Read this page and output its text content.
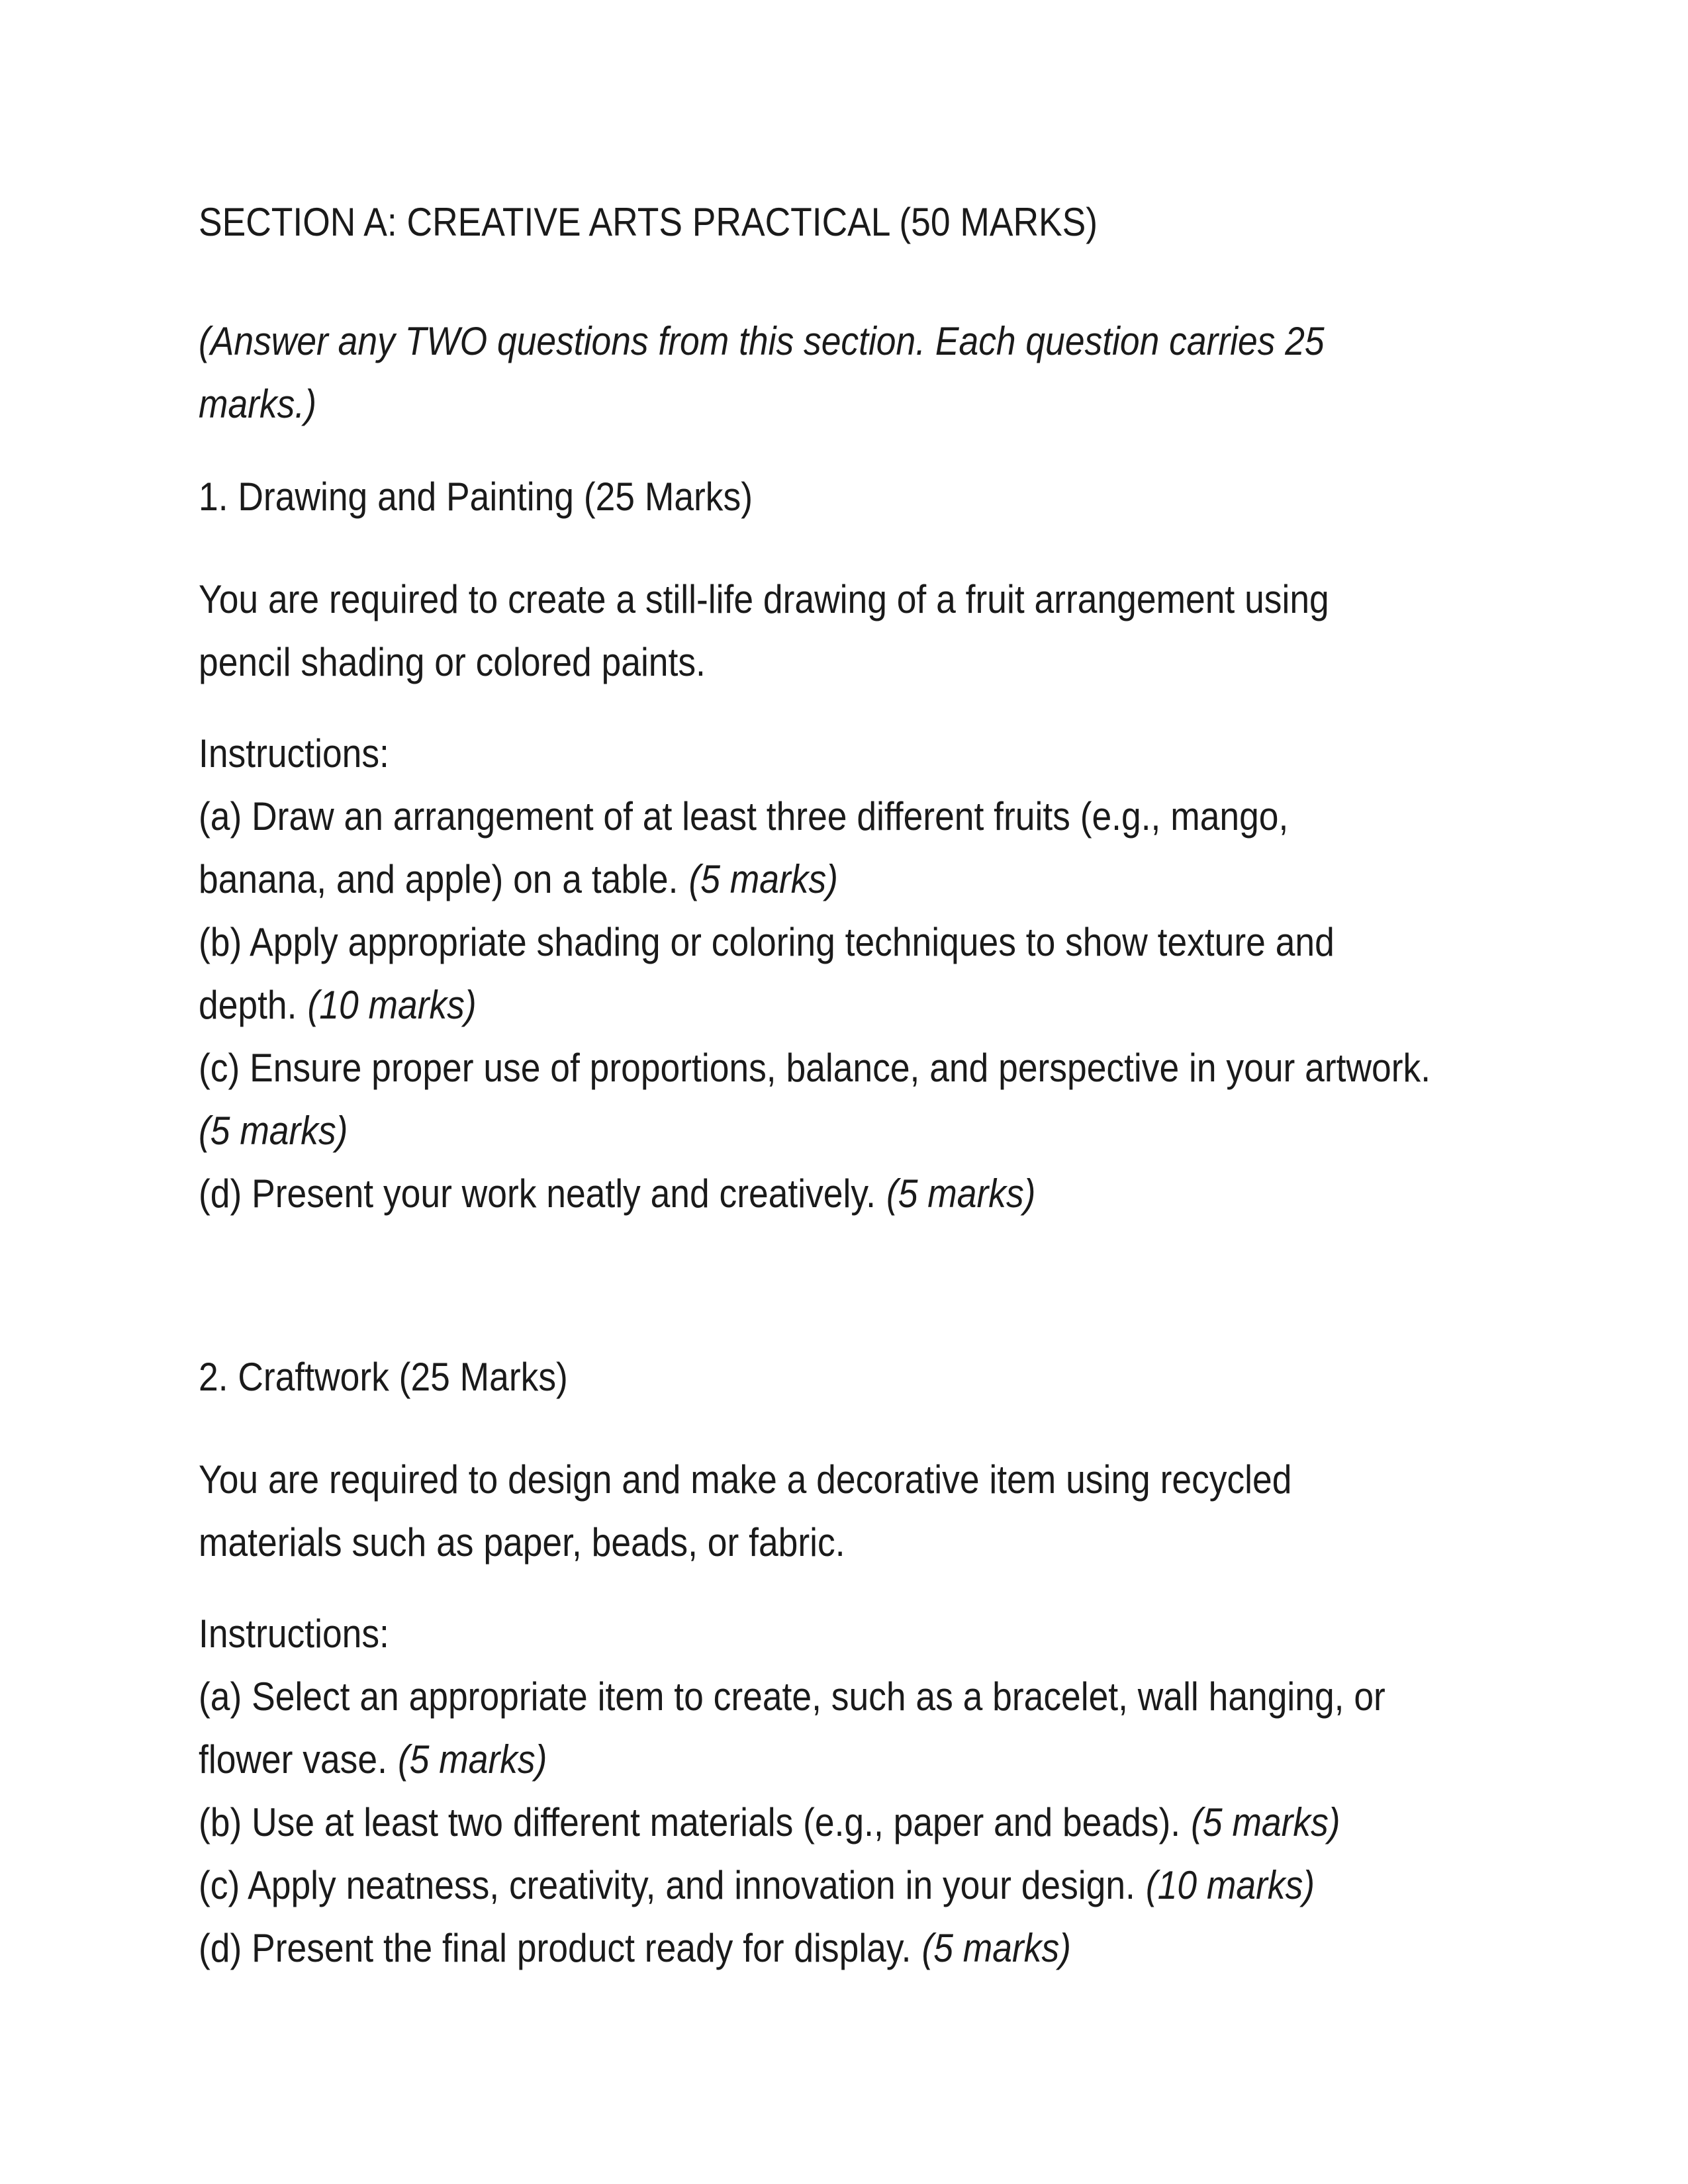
SECTION A: CREATIVE ARTS PRACTICAL (50 MARKS)

(Answer any TWO questions from this section. Each question carries 25
marks.)

1. Drawing and Painting (25 Marks)

You are required to create a still-life drawing of a fruit arrangement using
pencil shading or colored paints.

Instructions:
(a) Draw an arrangement of at least three different fruits (e.g., mango,
banana, and apple) on a table. (5 marks)
(b) Apply appropriate shading or coloring techniques to show texture and
depth. (10 marks)
(c) Ensure proper use of proportions, balance, and perspective in your artwork.
(5 marks)
(d) Present your work neatly and creatively. (5 marks)

2. Craftwork (25 Marks)

You are required to design and make a decorative item using recycled
materials such as paper, beads, or fabric.

Instructions:
(a) Select an appropriate item to create, such as a bracelet, wall hanging, or
flower vase. (5 marks)
(b) Use at least two different materials (e.g., paper and beads). (5 marks)
(c) Apply neatness, creativity, and innovation in your design. (10 marks)
(d) Present the final product ready for display. (5 marks)
